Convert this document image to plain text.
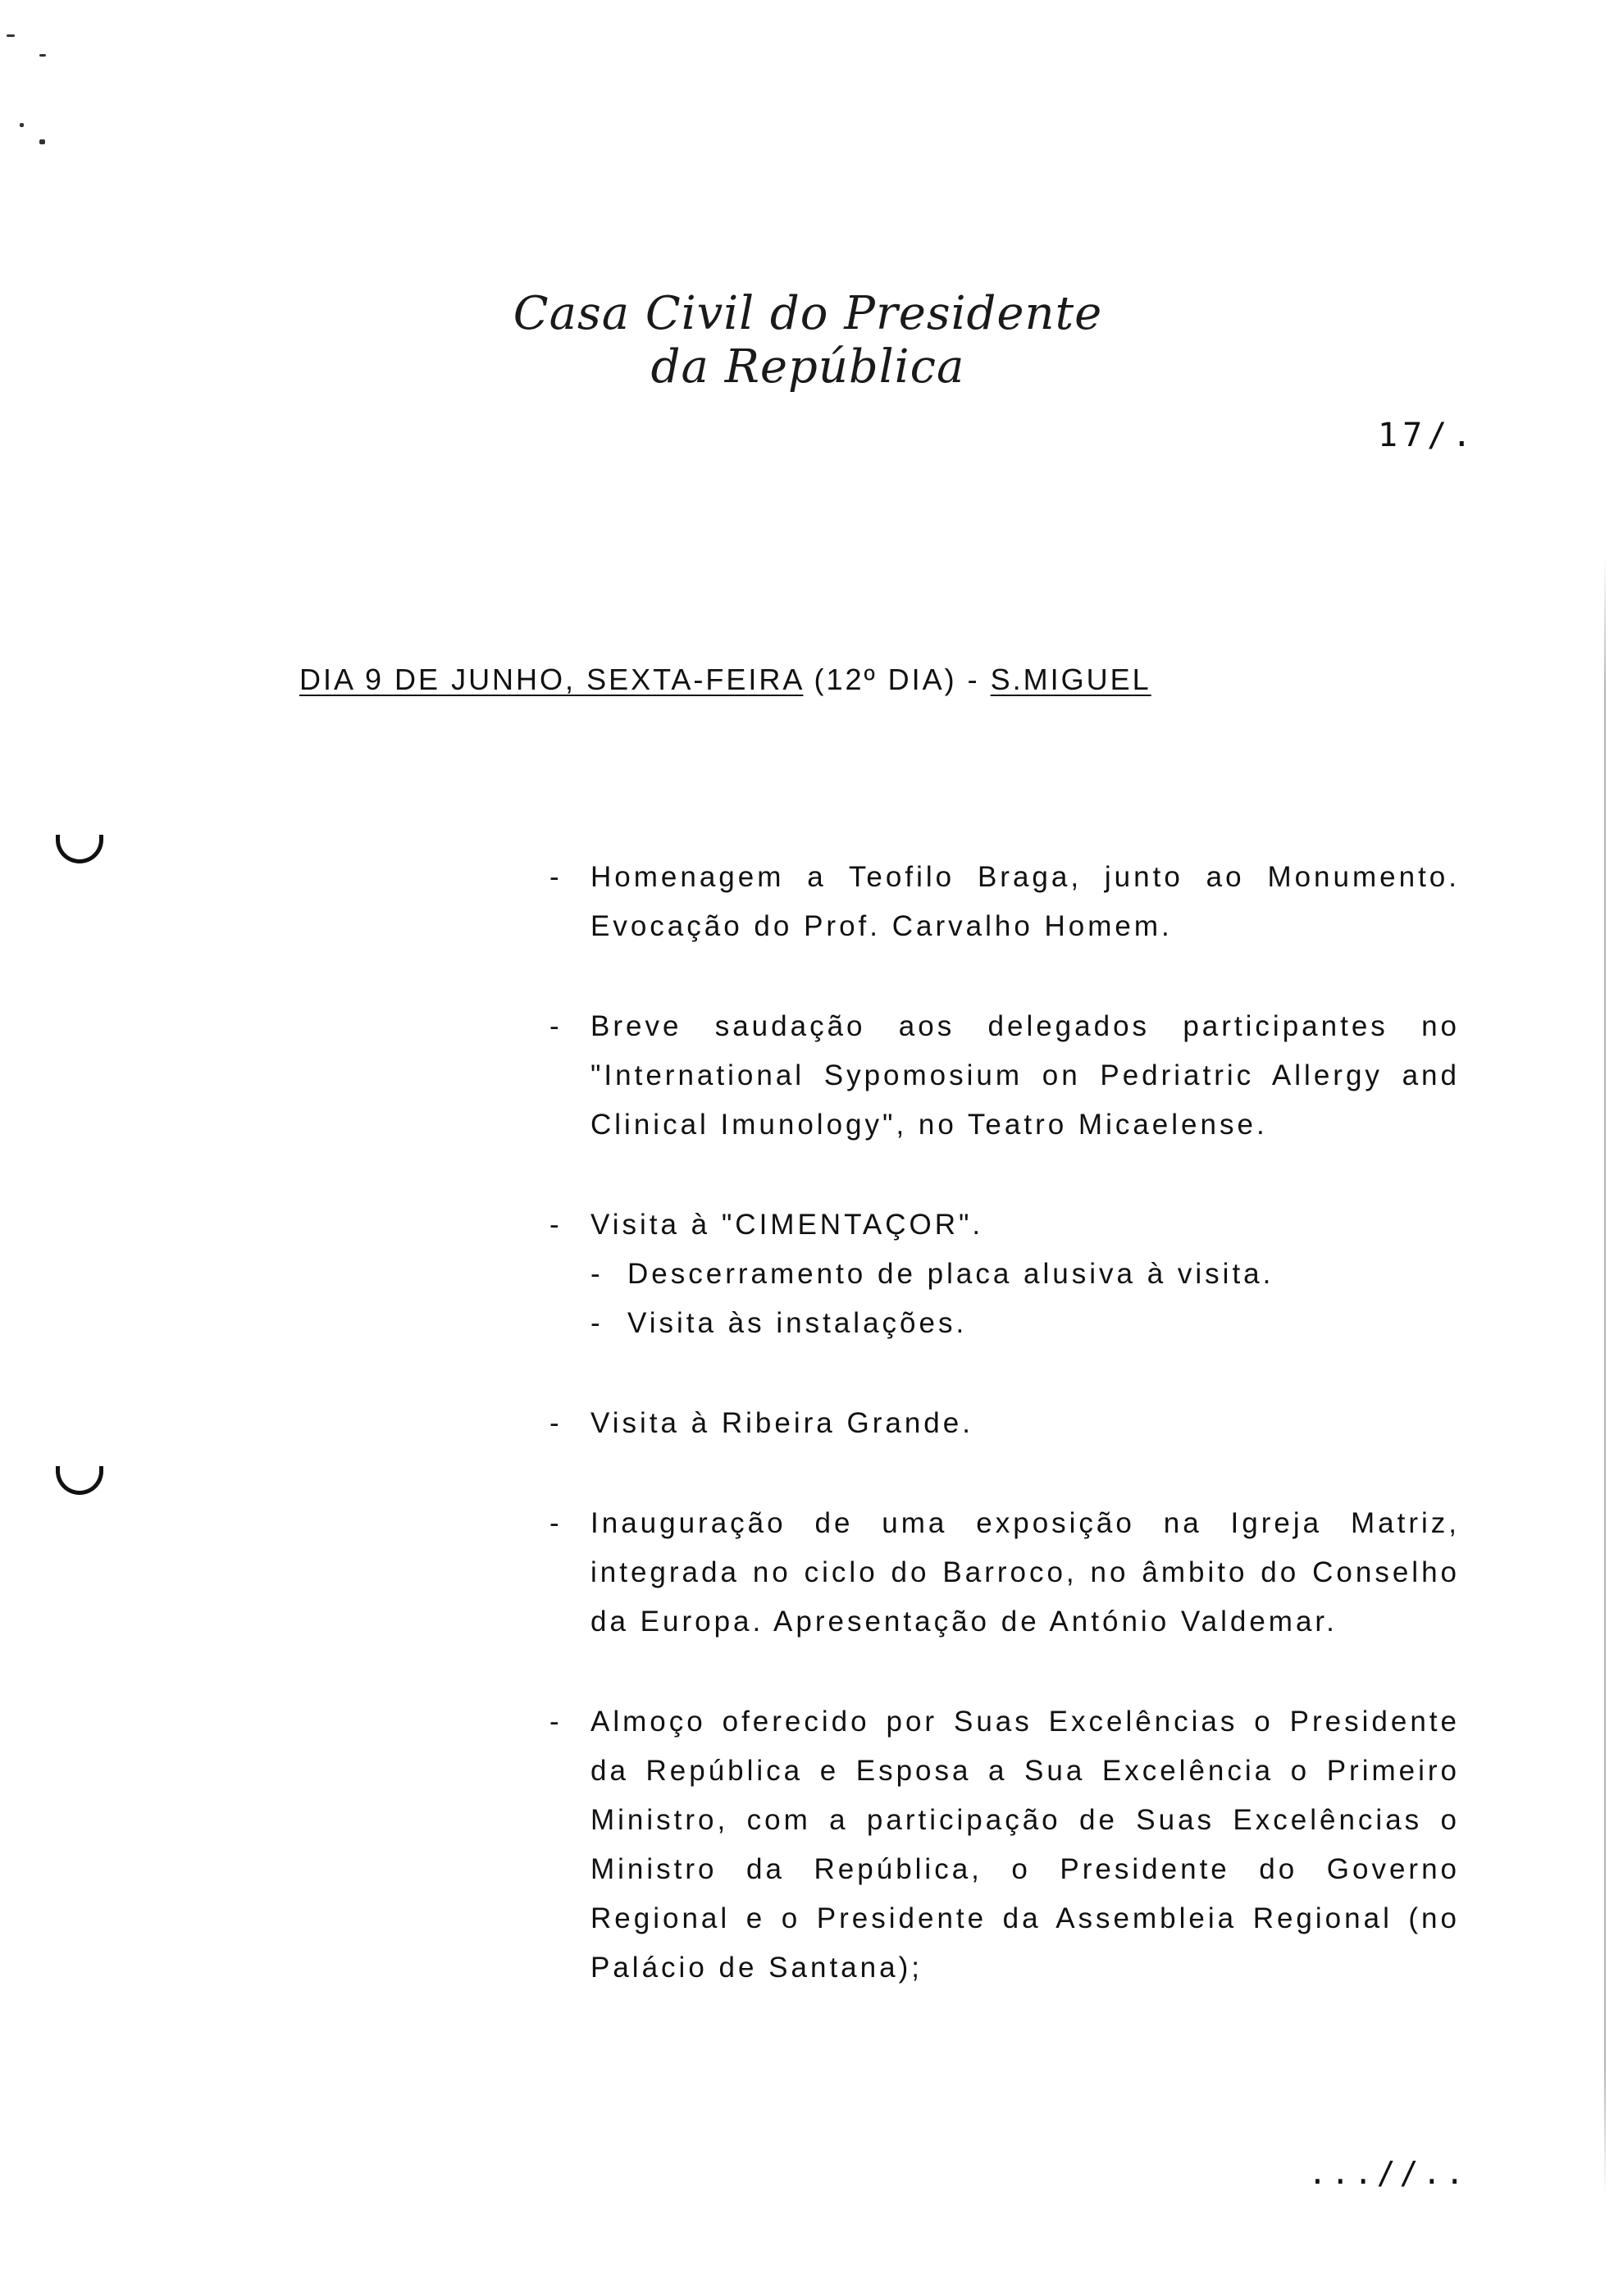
Casa Civil do Presidente da República
17/.
DIA 9 DE JUNHO, SEXTA-FEIRA (12º DIA) - S.MIGUEL
- Homenagem a Teofilo Braga, junto ao Monumento. Evocação do Prof. Carvalho Homem.
- Breve saudação aos delegados participantes no "International Sypomosium on Pedriatric Allergy and Clinical Imunology", no Teatro Micaelense.
- Visita à "CIMENTAÇOR".
- Descerramento de placa alusiva à visita.
- Visita às instalações.
- Visita à Ribeira Grande.
- Inauguração de uma exposição na Igreja Matriz, integrada no ciclo do Barroco, no âmbito do Conselho da Europa. Apresentação de António Valdemar.
- Almoço oferecido por Suas Excelências o Presidente da República e Esposa a Sua Excelência o Primeiro Ministro, com a participação de Suas Excelências o Ministro da República, o Presidente do Governo Regional e o Presidente da Assembleia Regional (no Palácio de Santana);
...//..
